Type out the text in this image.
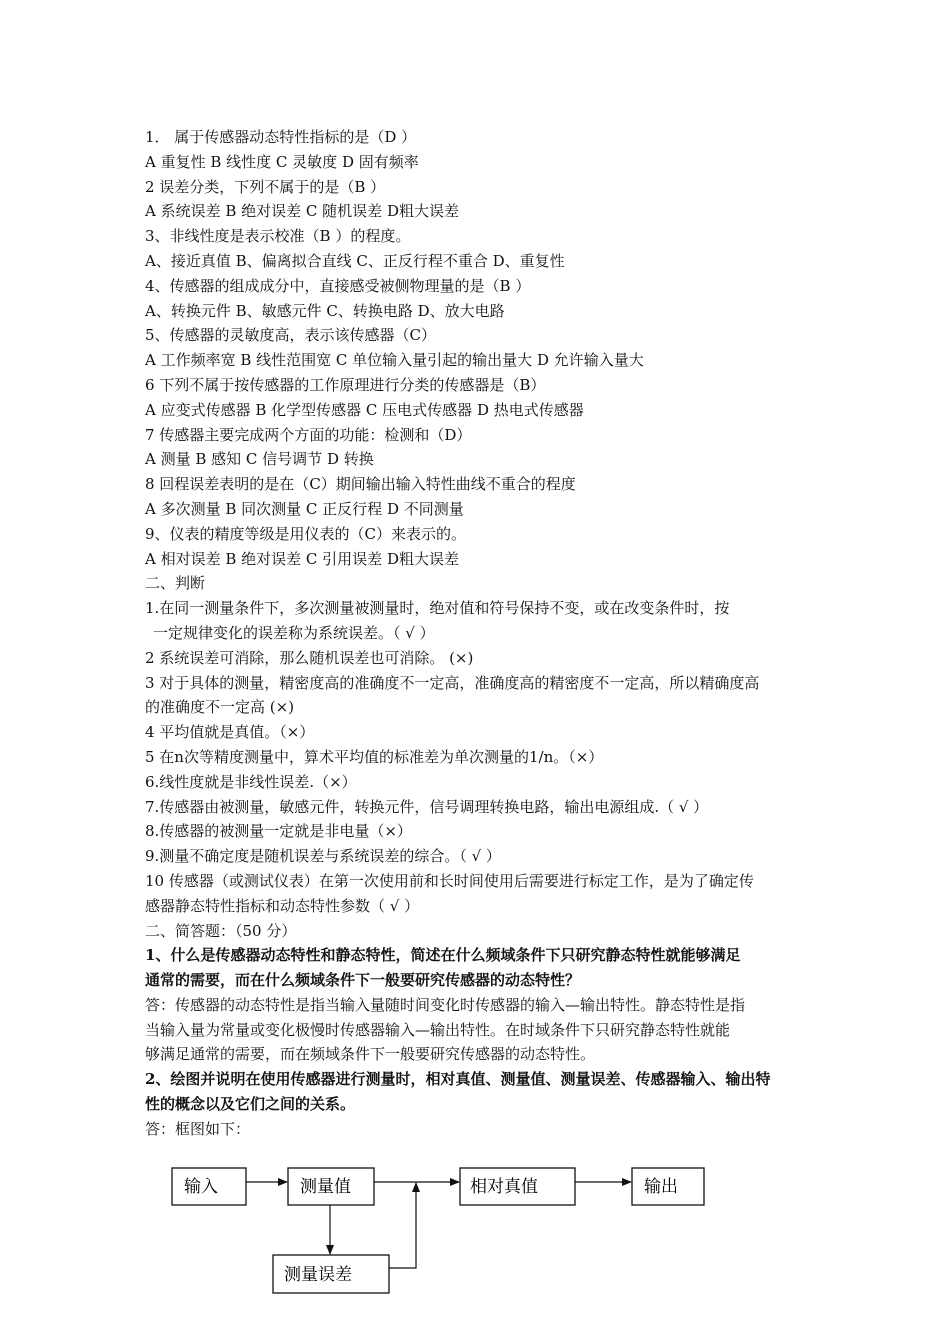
1． 属于传感器动态特性指标的是（D ）
A 重复性 B 线性度 C 灵敏度 D 固有频率
2 误差分类，下列不属于的是（B ）
A 系统误差 B 绝对误差 C 随机误差 D粗大误差
3、非线性度是表示校准（B ）的程度。
A、接近真值 B、偏离拟合直线 C、正反行程不重合 D、重复性
4、传感器的组成成分中，直接感受被侧物理量的是（B ）
A、转换元件 B、敏感元件 C、转换电路 D、放大电路
5、传感器的灵敏度高，表示该传感器（C）
A 工作频率宽 B 线性范围宽 C 单位输入量引起的输出量大 D 允许输入量大
6 下列不属于按传感器的工作原理进行分类的传感器是（B）
A 应变式传感器 B 化学型传感器 C 压电式传感器 D 热电式传感器
7 传感器主要完成两个方面的功能：检测和（D）
A 测量 B 感知 C 信号调节 D 转换
8 回程误差表明的是在（C）期间输出输入特性曲线不重合的程度
A 多次测量 B 同次测量 C 正反行程 D 不同测量
9、仪表的精度等级是用仪表的（C）来表示的。
A 相对误差 B 绝对误差 C 引用误差 D粗大误差
二、判断
1.在同一测量条件下，多次测量被测量时，绝对值和符号保持不变，或在改变条件时，按
一定规律变化的误差称为系统误差。（ √ ）
2 系统误差可消除，那么随机误差也可消除。 (×)
3 对于具体的测量，精密度高的准确度不一定高，准确度高的精密度不一定高，所以精确度高
的准确度不一定高 (×)
4 平均值就是真值。（×）
5 在n次等精度测量中，算术平均值的标准差为单次测量的1/n。（×）
6.线性度就是非线性误差.（×）
7.传感器由被测量，敏感元件，转换元件，信号调理转换电路，输出电源组成.（ √ ）
8.传感器的被测量一定就是非电量（×）
9.测量不确定度是随机误差与系统误差的综合。（ √ ）
10 传感器（或测试仪表）在第一次使用前和长时间使用后需要进行标定工作，是为了确定传
感器静态特性指标和动态特性参数（ √ ）
二、简答题：（50 分）
1、什么是传感器动态特性和静态特性，简述在什么频域条件下只研究静态特性就能够满足
通常的需要，而在什么频域条件下一般要研究传感器的动态特性？
答：传感器的动态特性是指当输入量随时间变化时传感器的输入—输出特性。静态特性是指
当输入量为常量或变化极慢时传感器输入—输出特性。在时域条件下只研究静态特性就能
够满足通常的需要，而在频域条件下一般要研究传感器的动态特性。
2、绘图并说明在使用传感器进行测量时，相对真值、测量值、测量误差、传感器输入、输出特
性的概念以及它们之间的关系。
答：框图如下：
输入	测量值	相对真值	输出
测量误差
